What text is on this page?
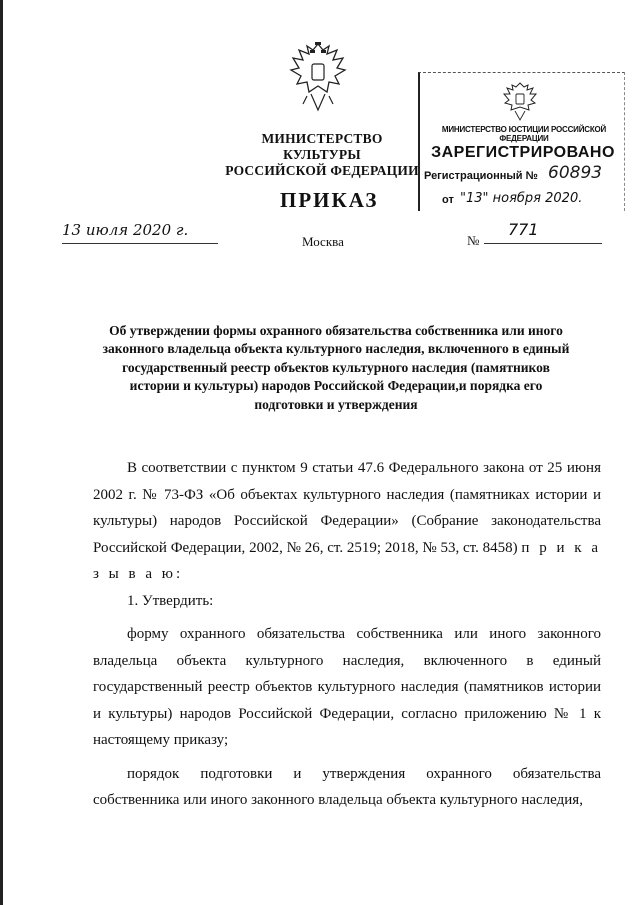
МИНИСТЕРСТВО КУЛЬТУРЫ
РОССИЙСКОЙ ФЕДЕРАЦИИ
ПРИКАЗ
МИНИСТЕРСТВО ЮСТИЦИИ РОССИЙСКОЙ ФЕДЕРАЦИИ
ЗАРЕГИСТРИРОВАНО
Регистрационный № 60893
от "13" ноября 2020.
13 июля 2020 г.
Москва	№
771
Об утверждении формы охранного обязательства собственника или иного законного владельца объекта культурного наследия, включенного в единый государственный реестр объектов культурного наследия (памятников истории и культуры) народов Российской Федерации,и порядка его подготовки и утверждения

В соответствии с пунктом 9 статьи 47.6 Федерального закона от 25 июня 2002 г. № 73-ФЗ «Об объектах культурного наследия (памятниках истории и культуры) народов Российской Федерации» (Собрание законодательства Российской Федерации, 2002, № 26, ст. 2519; 2018, № 53, ст. 8458) п р и к а з ы в а ю:

1. Утвердить:

форму охранного обязательства собственника или иного законного владельца объекта культурного наследия, включенного в единый государственный реестр объектов культурного наследия (памятников истории и культуры) народов Российской Федерации, согласно приложению № 1 к настоящему приказу;

порядок подготовки и утверждения охранного обязательства собственника или иного законного владельца объекта культурного наследия,
